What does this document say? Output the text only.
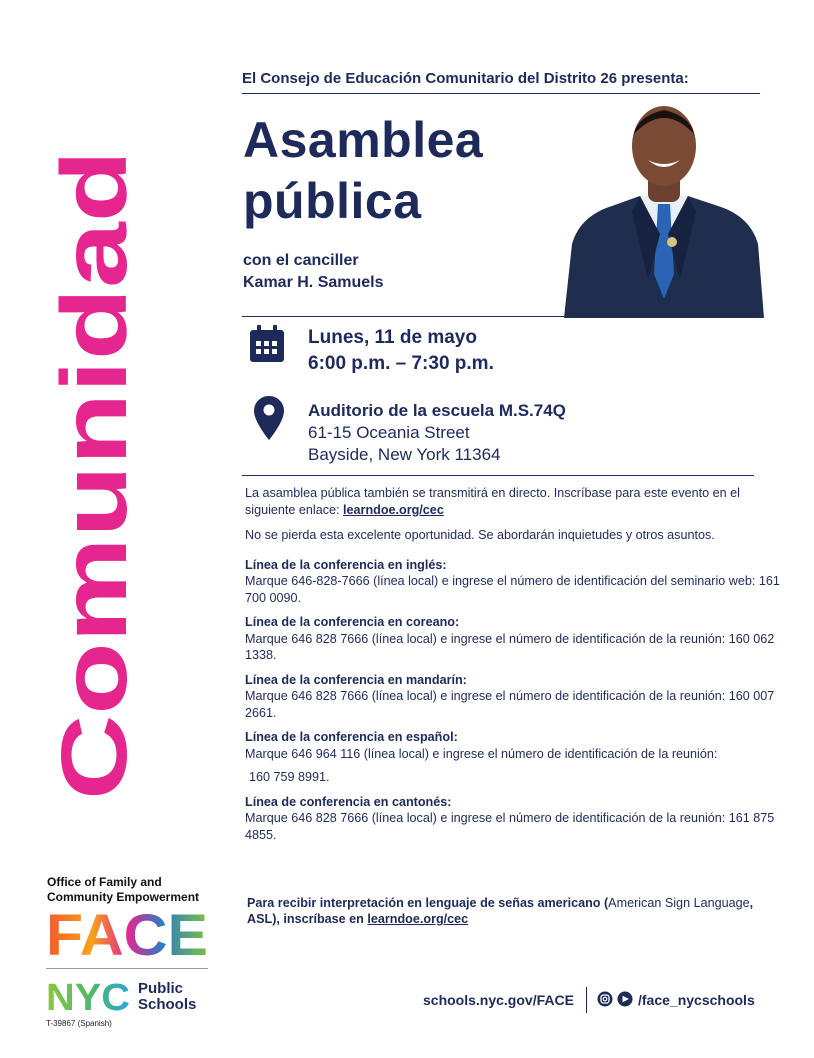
Comunidad
El Consejo de Educación Comunitario del Distrito 26 presenta:
Asamblea
pública
con el canciller
Kamar H. Samuels
Lunes, 11 de mayo
6:00 p.m. – 7:30 p.m.
Auditorio de la escuela M.S.74Q
61-15 Oceania Street
Bayside, New York 11364

La asamblea pública también se transmitirá en directo. Inscríbase para este evento en el siguiente enlace: learndoe.org/cec

No se pierda esta excelente oportunidad. Se abordarán inquietudes y otros asuntos.

Línea de la conferencia en inglés:
Marque 646-828-7666 (línea local) e ingrese el número de identificación del seminario web: 161 700 0090.
Línea de la conferencia en coreano:
Marque 646 828 7666 (línea local) e ingrese el número de identificación de la reunión: 160 062 1338.
Línea de la conferencia en mandarín:
Marque 646 828 7666 (línea local) e ingrese el número de identificación de la reunión: 160 007 2661.
Línea de la conferencia en español:
Marque 646 964 116 (línea local) e ingrese el número de identificación de la reunión:
160 759 8991.
Línea de conferencia en cantonés:
Marque 646 828 7666 (línea local) e ingrese el número de identificación de la reunión: 161 875 4855.
Para recibir interpretación en lenguaje de señas americano (American Sign Language, ASL), inscríbase en learndoe.org/cec
Office of Family and
Community Empowerment
FACE
NYC Public
Schools
T-39867 (Spanish)
schools.nyc.gov/FACE	/face_nycschools
